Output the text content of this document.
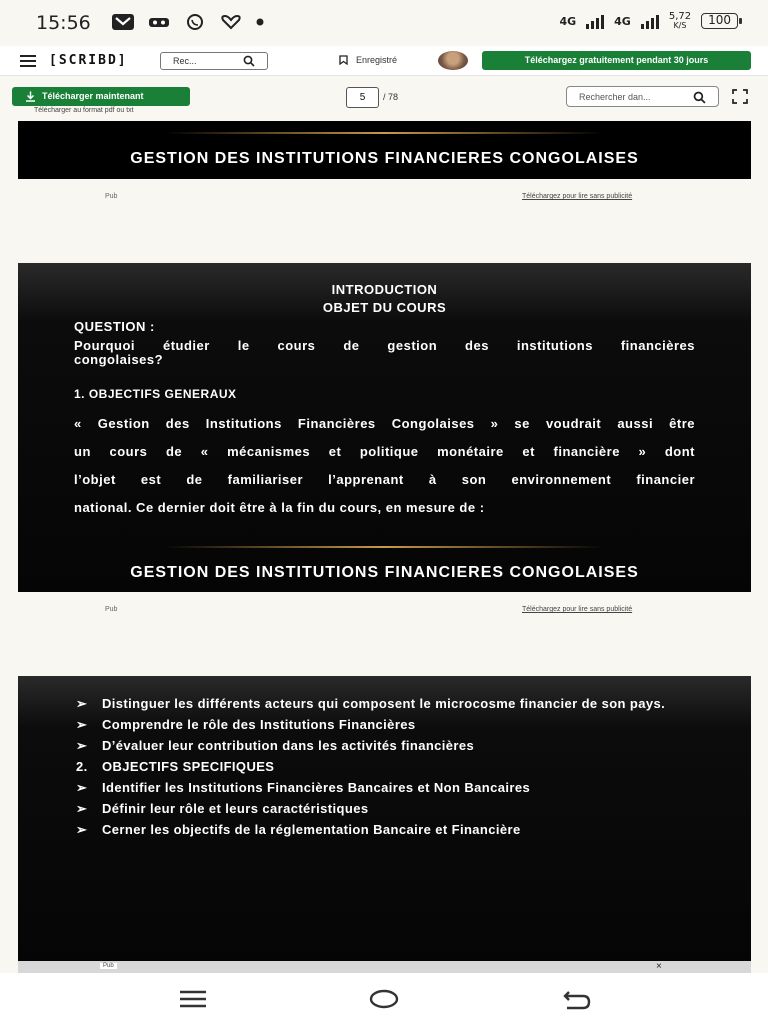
15:56	4G	4G	5,72
K/S	100
[SCRIBD]	Rec...	Enregistré	Téléchargez gratuitement pendant 30 jours
Télécharger maintenant
Télécharger au format pdf ou txt
5	/ 78	Rechercher dan...
GESTION DES INSTITUTIONS FINANCIERES CONGOLAISES
Pub	Téléchargez pour lire sans publicité
INTRODUCTION
OBJET DU COURS
QUESTION :
Pourquoi étudier le cours de gestion des institutions financières
congolaises?
1. OBJECTIFS GENERAUX
« Gestion des Institutions Financières Congolaises » se voudrait aussi être
un cours de « mécanismes et politique monétaire et financière » dont
l’objet est de familiariser l’apprenant à son environnement financier
national. Ce dernier doit être à la fin du cours, en mesure de :
GESTION DES INSTITUTIONS FINANCIERES CONGOLAISES
Pub	Téléchargez pour lire sans publicité
➢ Distinguer les différents acteurs qui composent le microcosme financier de son pays.
➢ Comprendre le rôle des Institutions Financières
➢ D’évaluer leur contribution dans les activités financières
2. OBJECTIFS SPECIFIQUES
➢ Identifier les Institutions Financières Bancaires et Non Bancaires
➢ Définir leur rôle et leurs caractéristiques
➢ Cerner les objectifs de la réglementation Bancaire et Financière
Pub	×
